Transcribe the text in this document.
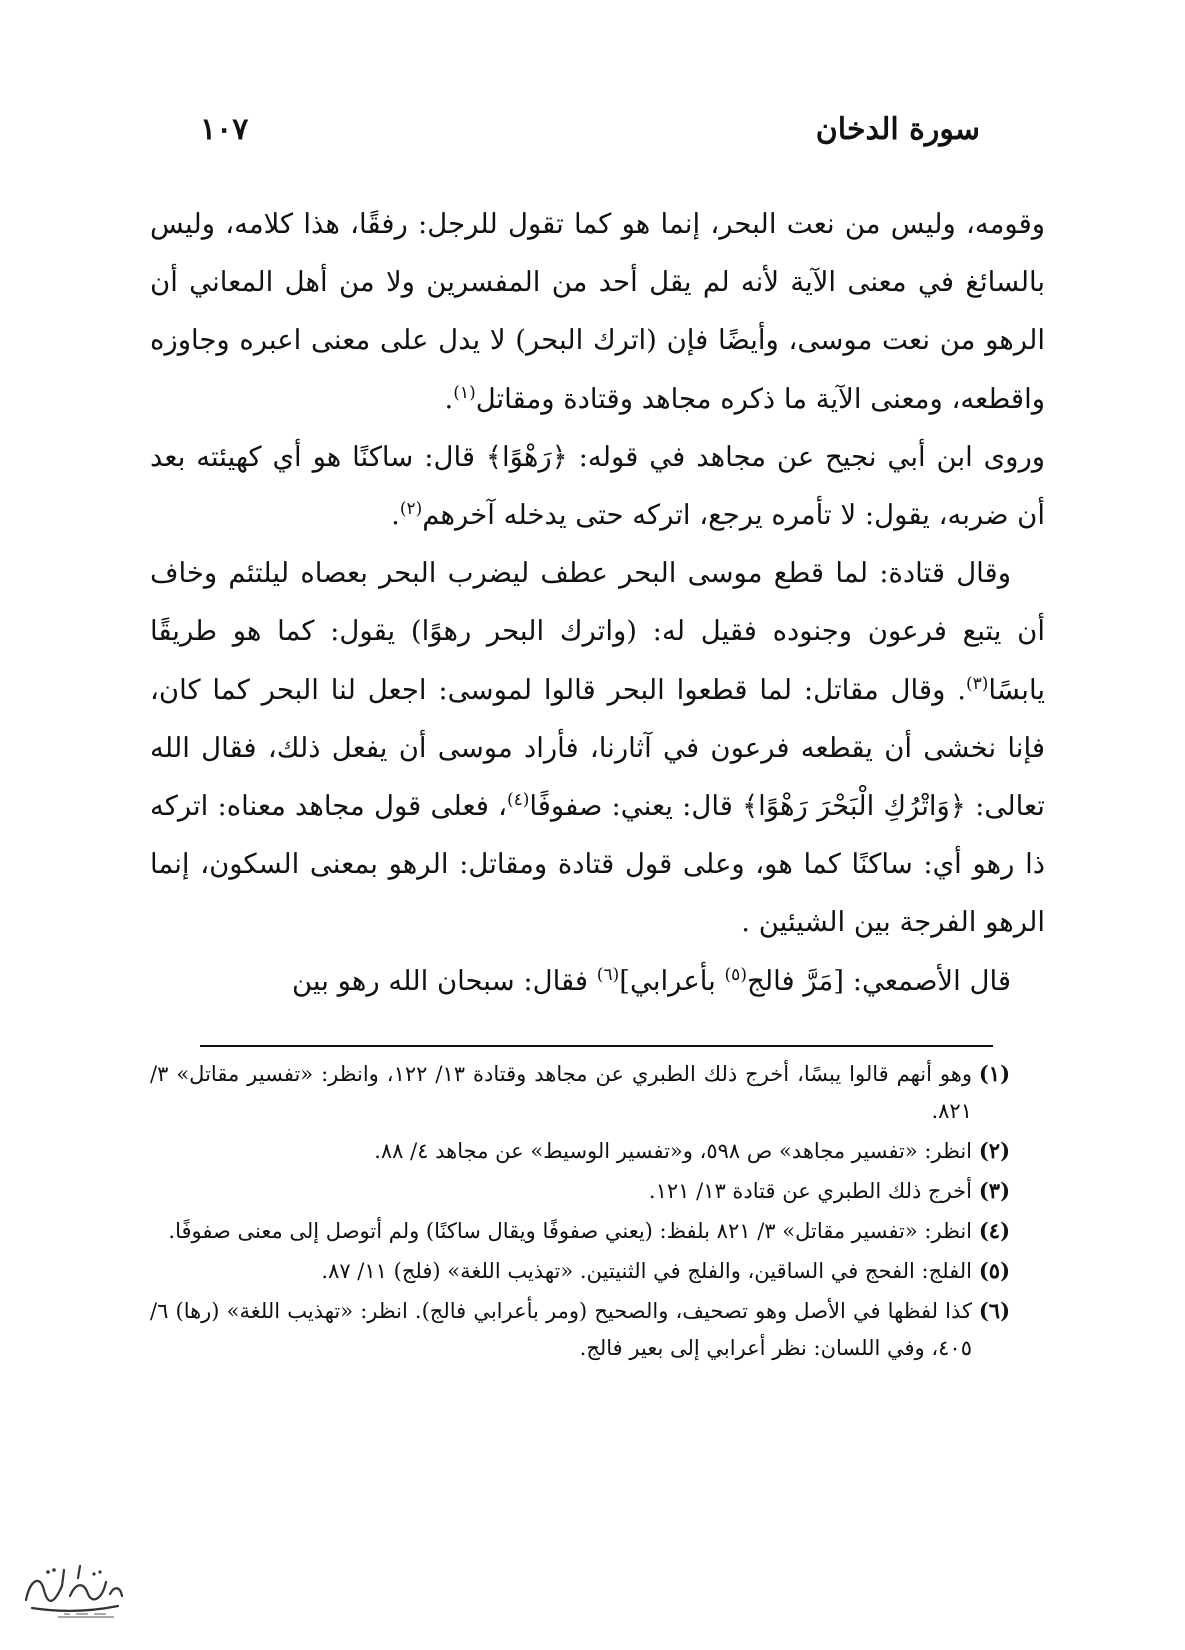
سورة الدخان
١٠٧

وقومه، وليس من نعت البحر، إنما هو كما تقول للرجل: رفقًا، هذا كلامه، وليس بالسائغ في معنى الآية لأنه لم يقل أحد من المفسرين ولا من أهل المعاني أن الرهو من نعت موسى، وأيضًا فإن (اترك البحر) لا يدل على معنى اعبره وجاوزه واقطعه، ومعنى الآية ما ذكره مجاهد وقتادة ومقاتل$^{(١)}$.

وروى ابن أبي نجيح عن مجاهد في قوله: ﴿رَهْوًا﴾ قال: ساكنًا هو أي كهيئته بعد أن ضربه، يقول: لا تأمره يرجع، اتركه حتى يدخله آخرهم$^{(٢)}$.

وقال قتادة: لما قطع موسى البحر عطف ليضرب البحر بعصاه ليلتئم وخاف أن يتبع فرعون وجنوده فقيل له: (واترك البحر رهوًا) يقول: كما هو طريقًا يابسًا$^{(٣)}$. وقال مقاتل: لما قطعوا البحر قالوا لموسى: اجعل لنا البحر كما كان، فإنا نخشى أن يقطعه فرعون في آثارنا، فأراد موسى أن يفعل ذلك، فقال الله تعالى: ﴿وَاتْرُكِ الْبَحْرَ رَهْوًا﴾ قال: يعني: صفوفًا$^{(٤)}$، فعلى قول مجاهد معناه: اتركه ذا رهو أي: ساكنًا كما هو، وعلى قول قتادة ومقاتل: الرهو بمعنى السكون، إنما الرهو الفرجة بين الشيئين .

قال الأصمعي: [مَرَّ فالج$^{(٥)}$ بأعرابي]$^{(٦)}$ فقال: سبحان الله رهو بين

(١)وهو أنهم قالوا يبسًا، أخرج ذلك الطبري عن مجاهد وقتادة ١٣/ ١٢٢، وانظر: «تفسير مقاتل» ٣/ ٨٢١.

(٢)انظر: «تفسير مجاهد» ص ٥٩٨، و«تفسير الوسيط» عن مجاهد ٤/ ٨٨.

(٣)أخرج ذلك الطبري عن قتادة ١٣/ ١٢١.

(٤)انظر: «تفسير مقاتل» ٣/ ٨٢١ بلفظ: (يعني صفوفًا ويقال ساكنًا) ولم أتوصل إلى معنى صفوفًا.

(٥)الفلج: الفحج في الساقين، والفلج في الثنيتين. «تهذيب اللغة» (فلج) ١١/ ٨٧.

(٦)كذا لفظها في الأصل وهو تصحيف، والصحيح (ومر بأعرابي فالج). انظر: «تهذيب اللغة» (رها) ٦/ ٤٠٥، وفي اللسان: نظر أعرابي إلى بعير فالج.
